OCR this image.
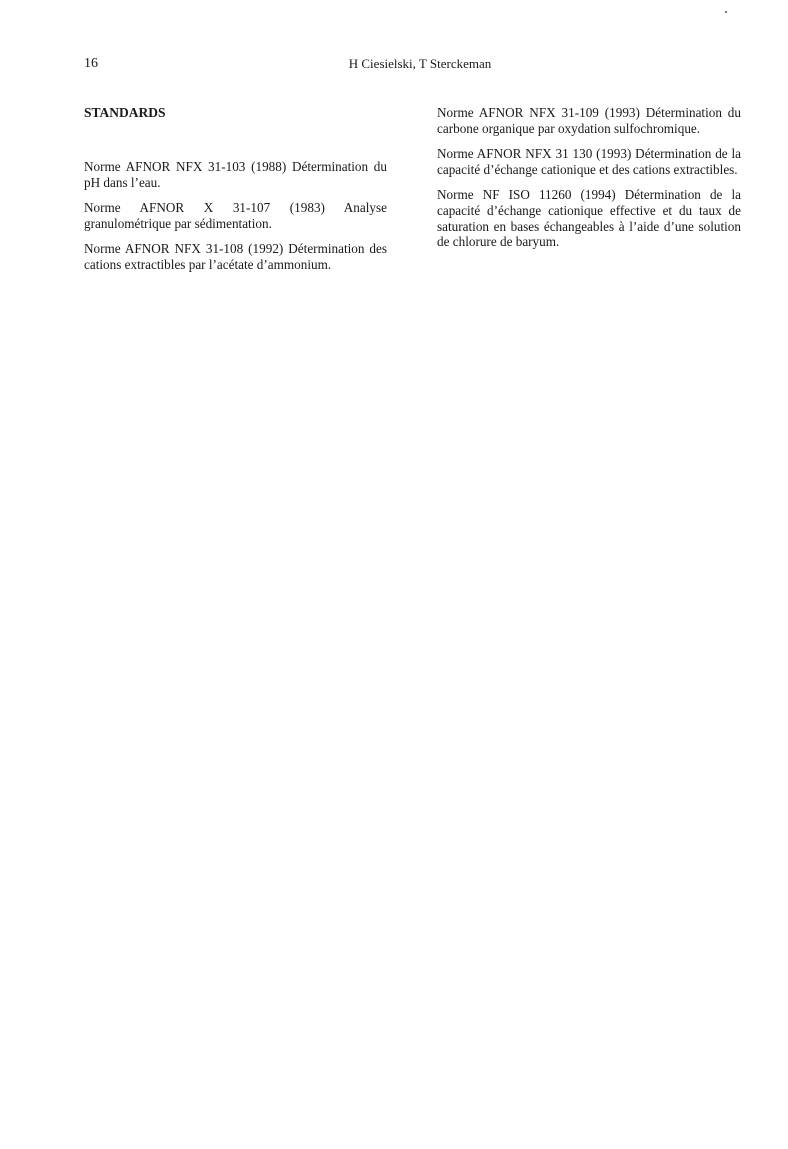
16	H Ciesielski, T Sterckeman
STANDARDS

Norme AFNOR NFX 31-103 (1988) Détermination du pH dans l’eau.

Norme AFNOR X 31-107 (1983) Analyse granulométrique par sédimentation.

Norme AFNOR NFX 31-108 (1992) Détermination des cations extractibles par l’acétate d’ammonium.

Norme AFNOR NFX 31-109 (1993) Détermination du carbone organique par oxydation sulfochromique.

Norme AFNOR NFX 31 130 (1993) Détermination de la capacité d’échange cationique et des cations extractibles.

Norme NF ISO 11260 (1994) Détermination de la capacité d’échange cationique effective et du taux de saturation en bases échangeables à l’aide d’une solution de chlorure de baryum.
